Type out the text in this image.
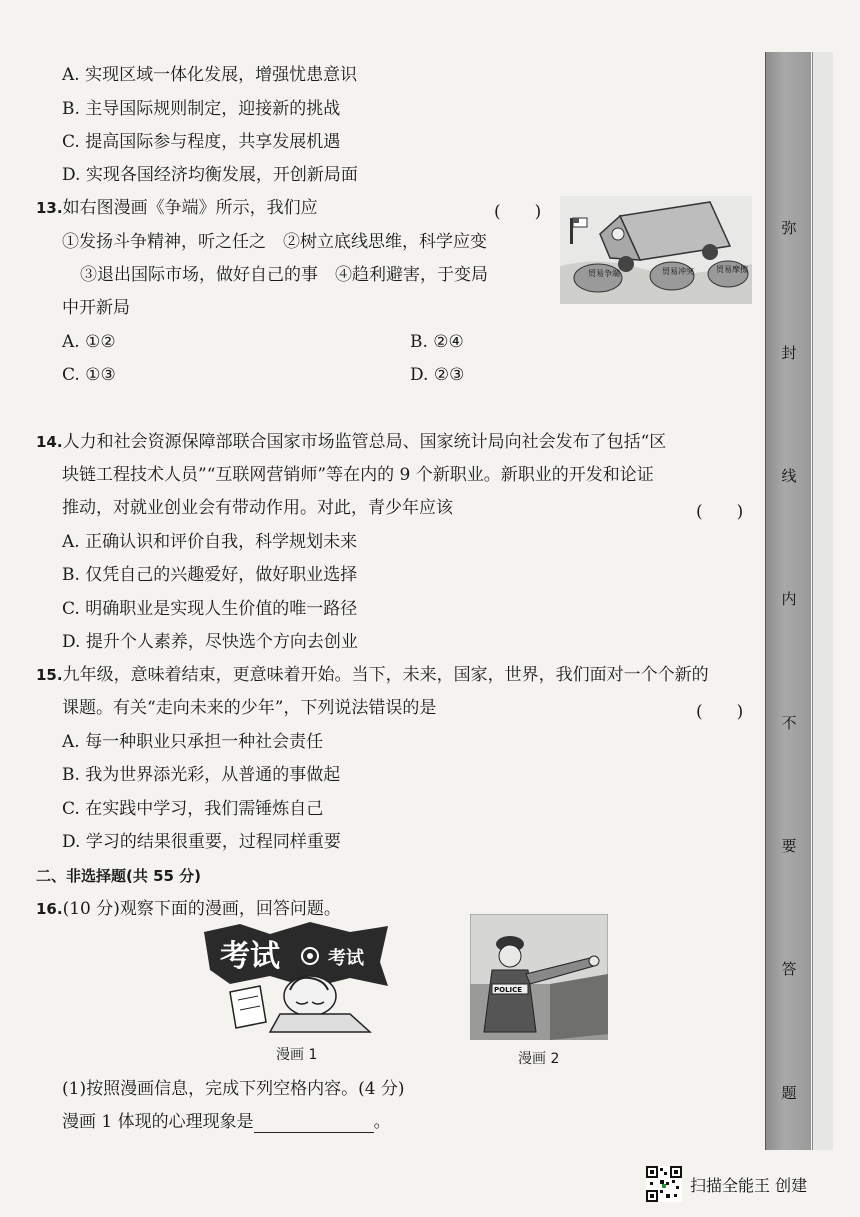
A. 实现区域一体化发展，增强忧患意识
B. 主导国际规则制定，迎接新的挑战
C. 提高国际参与程度，共享发展机遇
D. 实现各国经济均衡发展，开创新局面
13.如右图漫画《争端》所示，我们应	(　　)
①发扬斗争精神，听之任之　②树立底线思维，科学应变
③退出国际市场，做好自己的事　④趋利避害，于变局
中开新局
A. ①②	B. ②④
C. ①③	D. ②③
贸易争端	贸易冲突	贸易摩擦
14.人力和社会资源保障部联合国家市场监管总局、国家统计局向社会发布了包括“区
块链工程技术人员”“互联网营销师”等在内的 9 个新职业。新职业的开发和论证
推动，对就业创业会有带动作用。对此，青少年应该	(　　)
A. 正确认识和评价自我，科学规划未来
B. 仅凭自己的兴趣爱好，做好职业选择
C. 明确职业是实现人生价值的唯一路径
D. 提升个人素养，尽快选个方向去创业
15.九年级，意味着结束，更意味着开始。当下，未来，国家，世界，我们面对一个个新的
课题。有关“走向未来的少年”，下列说法错误的是	(　　)
A. 每一种职业只承担一种社会责任
B. 我为世界添光彩，从普通的事做起
C. 在实践中学习，我们需锤炼自己
D. 学习的结果很重要，过程同样重要
二、非选择题(共 55 分)
16.(10 分)观察下面的漫画，回答问题。
考试	考试
漫画 1
POLICE
漫画 2
(1)按照漫画信息，完成下列空格内容。(4 分)
漫画 1 体现的心理现象是	。
弥
封
线
内
不
要
答
题
扫描全能王 创建
